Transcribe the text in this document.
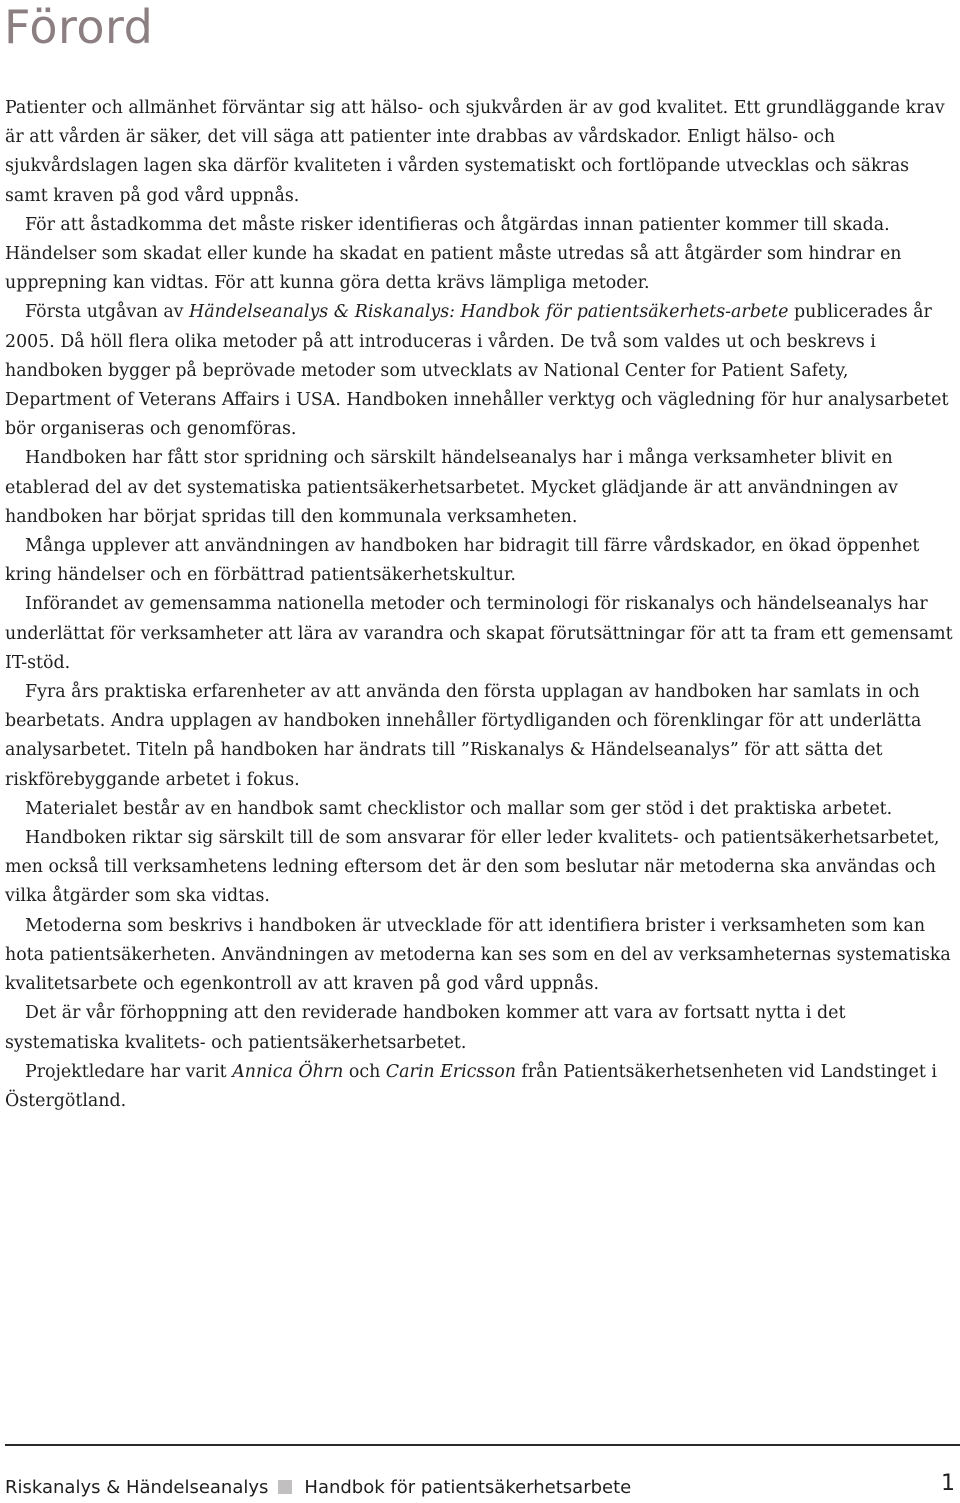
Förord

Patienter och allmänhet förväntar sig att hälso- och sjukvården är av god kvalitet. Ett grundläggande krav är att vården är säker, det vill säga att patienter inte drabbas av vårdskador. Enligt hälso- och sjukvårdslagen lagen ska därför kvaliteten i vården systematiskt och fortlöpande utvecklas och säkras samt kraven på god vård uppnås.

För att åstadkomma det måste risker identifieras och åtgärdas innan patienter kommer till skada. Händelser som skadat eller kunde ha skadat en patient måste utredas så att åtgärder som hindrar en upprepning kan vidtas. För att kunna göra detta krävs lämpliga metoder.

Första utgåvan av Händelseanalys & Riskanalys: Handbok för patientsäkerhets-arbete publicerades år 2005. Då höll flera olika metoder på att introduceras i vården. De två som valdes ut och beskrevs i handboken bygger på beprövade metoder som utvecklats av National Center for Patient Safety, Department of Veterans Affairs i USA. Handboken innehåller verktyg och vägledning för hur analysarbetet bör organiseras och genomföras.

Handboken har fått stor spridning och särskilt händelseanalys har i många verksamheter blivit en etablerad del av det systematiska patientsäkerhetsarbetet. Mycket glädjande är att användningen av handboken har börjat spridas till den kommunala verksamheten.

Många upplever att användningen av handboken har bidragit till färre vårdskador, en ökad öppenhet kring händelser och en förbättrad patientsäkerhetskultur.

Införandet av gemensamma nationella metoder och terminologi för riskanalys och händelseanalys har underlättat för verksamheter att lära av varandra och skapat förutsättningar för att ta fram ett gemensamt IT-stöd.

Fyra års praktiska erfarenheter av att använda den första upplagan av handboken har samlats in och bearbetats. Andra upplagen av handboken innehåller förtydliganden och förenklingar för att underlätta analysarbetet. Titeln på handboken har ändrats till ”Riskanalys & Händelseanalys” för att sätta det riskförebyggande arbetet i fokus.

Materialet består av en handbok samt checklistor och mallar som ger stöd i det praktiska arbetet.

Handboken riktar sig särskilt till de som ansvarar för eller leder kvalitets- och patientsäkerhetsarbetet, men också till verksamhetens ledning eftersom det är den som beslutar när metoderna ska användas och vilka åtgärder som ska vidtas.

Metoderna som beskrivs i handboken är utvecklade för att identifiera brister i verksamheten som kan hota patientsäkerheten. Användningen av metoderna kan ses som en del av verksamheternas systematiska kvalitetsarbete och egenkontroll av att kraven på god vård uppnås.

Det är vår förhoppning att den reviderade handboken kommer att vara av fortsatt nytta i det systematiska kvalitets- och patientsäkerhetsarbetet.

Projektledare har varit Annica Öhrn och Carin Ericsson från Patientsäkerhetsenheten vid Landstinget i Östergötland.

Riskanalys & Händelseanalys Handbok för patientsäkerhetsarbete	1
